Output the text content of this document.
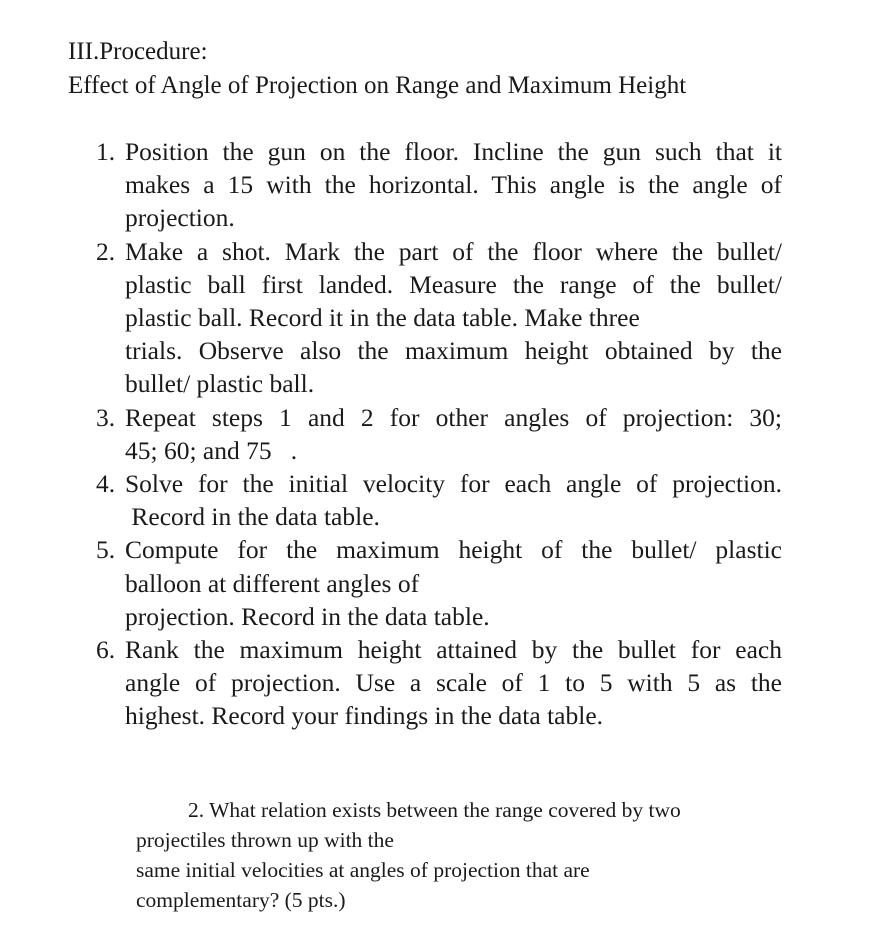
III.Procedure:
Effect of Angle of Projection on Range and Maximum Height
1. Position the gun on the floor. Incline the gun such that it
makes a 15 with the horizontal. This angle is the angle of
projection.
2. Make a shot. Mark the part of the floor where the bullet/
plastic ball first landed. Measure the range of the bullet/
plastic ball. Record it in the data table. Make three
trials. Observe also the maximum height obtained by the
bullet/ plastic ball.
3. Repeat steps 1 and 2 for other angles of projection: 30;
45; 60; and 75   .
4. Solve for the initial velocity for each angle of projection.
Record in the data table.
5. Compute for the maximum height of the bullet/ plastic
balloon at different angles of
projection. Record in the data table.
6. Rank the maximum height attained by the bullet for each
angle of projection. Use a scale of 1 to 5 with 5 as the
highest. Record your findings in the data table.
2. What relation exists between the range covered by two
projectiles thrown up with the
same initial velocities at angles of projection that are
complementary? (5 pts.)
